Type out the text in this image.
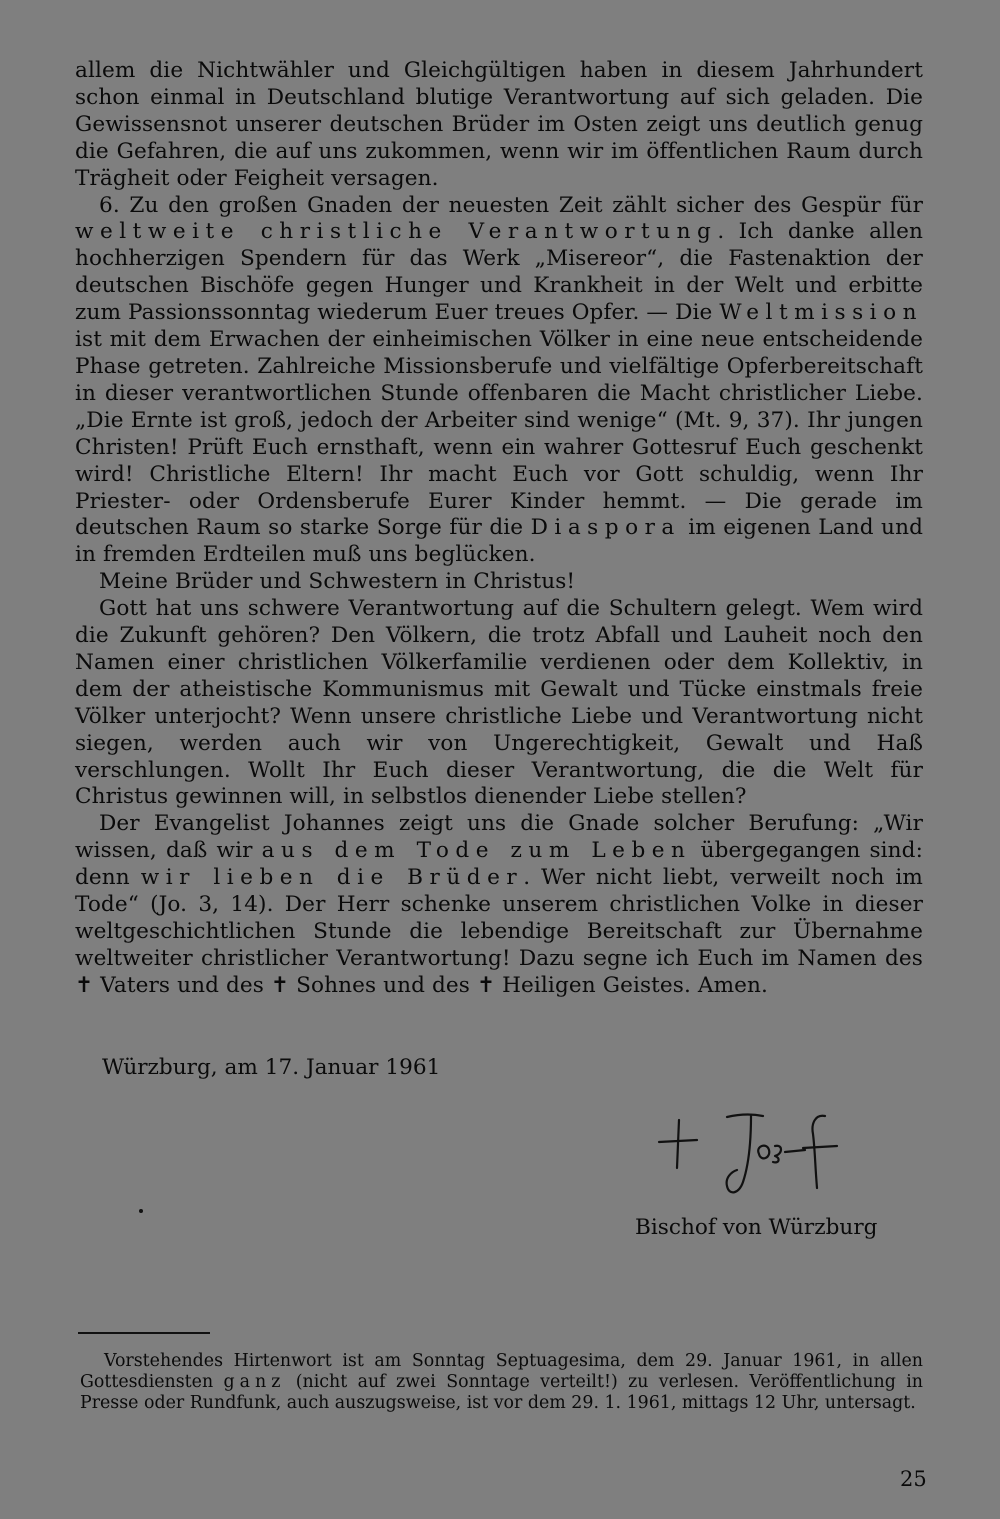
allem die Nichtwähler und Gleichgültigen haben in diesem Jahrhundert schon einmal in Deutschland blutige Verantwortung auf sich geladen. Die Gewissensnot unserer deutschen Brüder im Osten zeigt uns deutlich genug die Gefahren, die auf uns zukommen, wenn wir im öffentlichen Raum durch Trägheit oder Feigheit versagen.

6. Zu den großen Gnaden der neuesten Zeit zählt sicher des Gespür für weltweite christliche Verantwortung. Ich danke allen hochherzigen Spendern für das Werk „Misereor“, die Fastenaktion der deutschen Bischöfe gegen Hunger und Krankheit in der Welt und erbitte zum Passionssonntag wiederum Euer treues Opfer. — Die Weltmission ist mit dem Erwachen der einheimischen Völker in eine neue entscheidende Phase getreten. Zahlreiche Missionsberufe und vielfältige Opferbereitschaft in dieser verantwortlichen Stunde offenbaren die Macht christlicher Liebe. „Die Ernte ist groß, jedoch der Arbeiter sind wenige“ (Mt. 9, 37). Ihr jungen Christen! Prüft Euch ernsthaft, wenn ein wahrer Gottesruf Euch geschenkt wird! Christliche Eltern! Ihr macht Euch vor Gott schuldig, wenn Ihr Priester- oder Ordensberufe Eurer Kinder hemmt. — Die gerade im deutschen Raum so starke Sorge für die Diaspora im eigenen Land und in fremden Erdteilen muß uns beglücken.

Meine Brüder und Schwestern in Christus!

Gott hat uns schwere Verantwortung auf die Schultern gelegt. Wem wird die Zukunft gehören? Den Völkern, die trotz Abfall und Lauheit noch den Namen einer christlichen Völkerfamilie verdienen oder dem Kollektiv, in dem der atheistische Kommunismus mit Gewalt und Tücke einstmals freie Völker unterjocht? Wenn unsere christliche Liebe und Verantwortung nicht siegen, werden auch wir von Ungerechtigkeit, Gewalt und Haß verschlungen. Wollt Ihr Euch dieser Verantwortung, die die Welt für Christus gewinnen will, in selbstlos dienender Liebe stellen?

Der Evangelist Johannes zeigt uns die Gnade solcher Berufung: „Wir wissen, daß wir aus dem Tode zum Leben übergegangen sind: denn wir lieben die Brüder. Wer nicht liebt, verweilt noch im Tode“ (Jo. 3, 14). Der Herr schenke unserem christlichen Volke in dieser weltgeschichtlichen Stunde die lebendige Bereitschaft zur Übernahme weltweiter christlicher Verantwortung! Dazu segne ich Euch im Namen des ✝ Vaters und des ✝ Sohnes und des ✝ Heiligen Geistes. Amen.

Würzburg, am 17. Januar 1961
Bischof von Würzburg

Vorstehendes Hirtenwort ist am Sonntag Septuagesima, dem 29. Januar 1961, in allen Gottesdiensten ganz (nicht auf zwei Sonntage verteilt!) zu verlesen. Veröffentlichung in Presse oder Rundfunk, auch auszugsweise, ist vor dem 29. 1. 1961, mittags 12 Uhr, untersagt.

25
